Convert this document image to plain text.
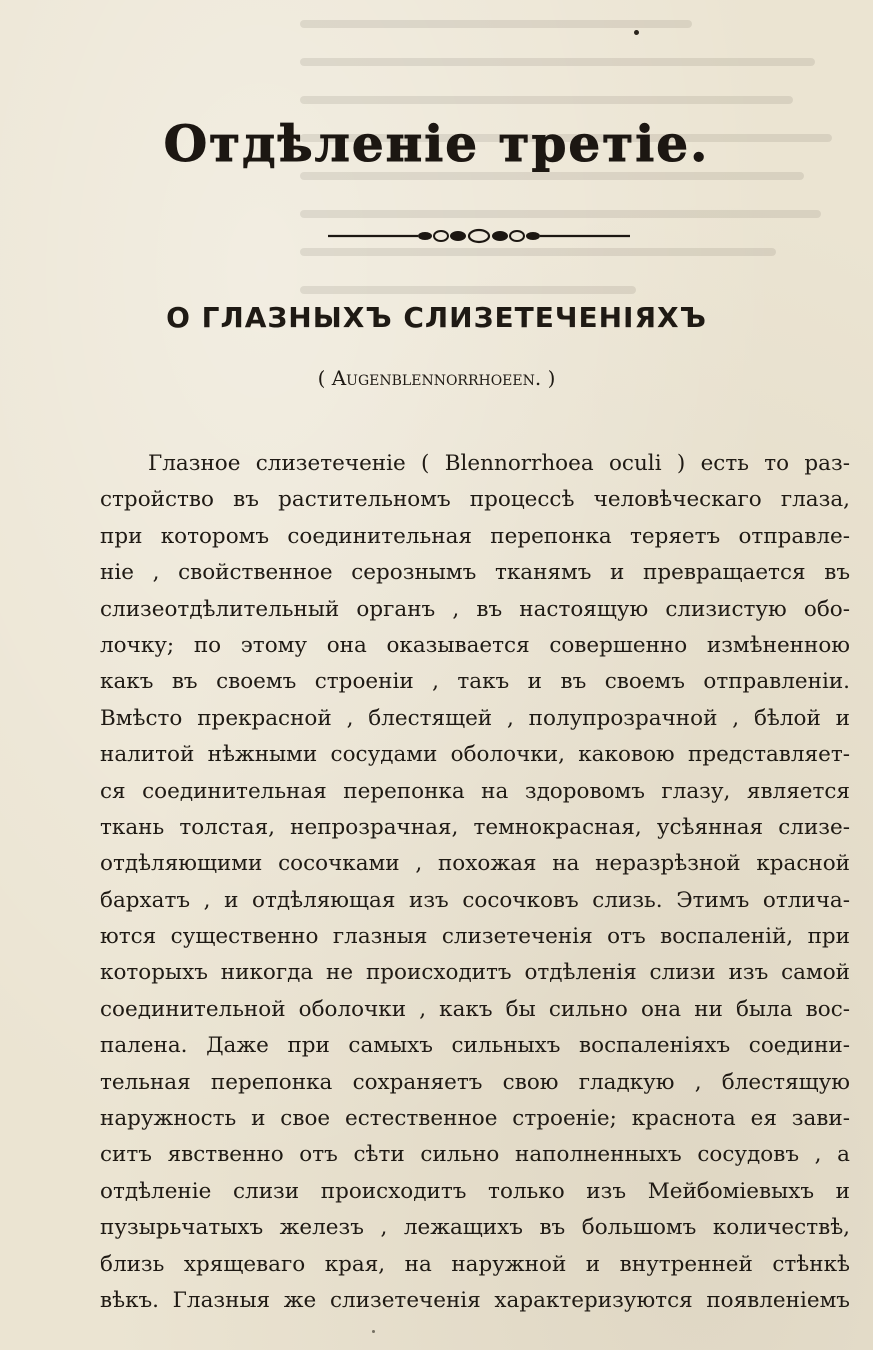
Отдѣленіе третіе.
О ГЛАЗНЫХЪ СЛИЗЕТЕЧЕНІЯХЪ
( Augenblennorrhoeen. )
Глазное слизетеченіе ( Blennorrhoea oculi ) есть то раз-
стройство въ растительномъ процессѣ человѣческаго глаза,
при которомъ соединительная перепонка теряетъ отправле-
ніе , свойственное серознымъ тканямъ и превращается въ
слизеотдѣлительный органъ , въ настоящую слизистую обо-
лочку; по этому она оказывается совершенно измѣненною
какъ въ своемъ строеніи , такъ и въ своемъ отправленіи.
Вмѣсто прекрасной , блестящей , полупрозрачной , бѣлой и
налитой нѣжными сосудами оболочки, каковою представляет-
ся соединительная перепонка на здоровомъ глазу, является
ткань толстая, непрозрачная, темнокрасная, усѣянная слизе-
отдѣляющими сосочками , похожая на неразрѣзной красной
бархатъ , и отдѣляющая изъ сосочковъ слизь. Этимъ отлича-
ются существенно глазныя слизетеченія отъ воспаленій, при
которыхъ никогда не происходитъ отдѣленія слизи изъ самой
соединительной оболочки , какъ бы сильно она ни была вос-
палена. Даже при самыхъ сильныхъ воспаленіяхъ соедини-
тельная перепонка сохраняетъ свою гладкую , блестящую
наружность и свое естественное строеніе; краснота ея зави-
ситъ явственно отъ сѣти сильно наполненныхъ сосудовъ , а
отдѣленіе слизи происходитъ только изъ Мейбоміевыхъ и
пузырьчатыхъ железъ , лежащихъ въ большомъ количествѣ,
близь хрящеваго края, на наружной и внутренней стѣнкѣ
вѣкъ. Глазныя же слизетеченія характеризуются появленіемъ
